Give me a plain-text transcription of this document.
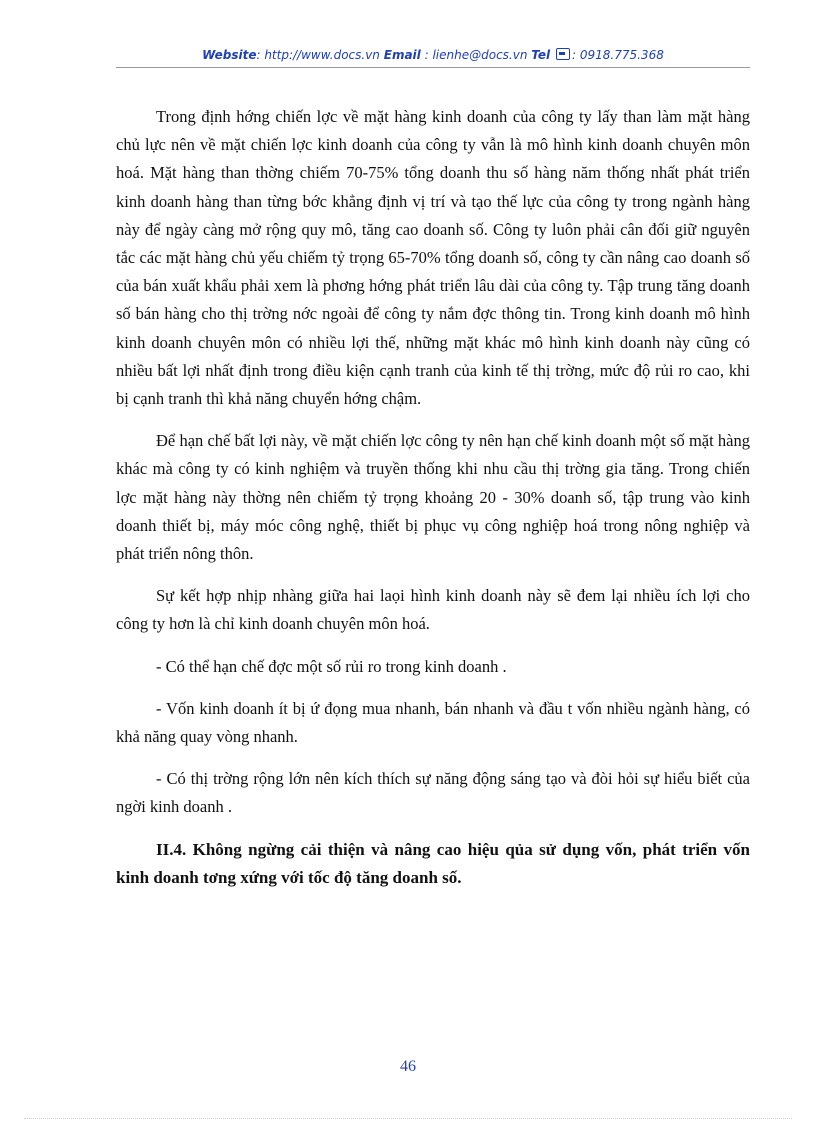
Website: http://www.docs.vn Email : lienhe@docs.vn Tel : 0918.775.368

Trong định hớng chiến lợc về mặt hàng kinh doanh của công ty lấy than làm mặt hàng chủ lực nên về mặt chiến lợc kinh doanh của công ty vẫn là mô hình kinh doanh chuyên môn hoá. Mặt hàng than thờng chiếm 70-75% tổng doanh thu số hàng năm thống nhất phát triển kinh doanh hàng than từng bớc khẳng định vị trí và tạo thế lực của công ty trong ngành hàng này để ngày càng mở rộng quy mô, tăng cao doanh số. Công ty luôn phải cân đối giữ nguyên tắc các mặt hàng chủ yếu chiếm tỷ trọng 65-70% tổng doanh số, công ty cần nâng cao doanh số của bán xuất khẩu phải xem là phơng hớng phát triển lâu dài của công ty. Tập trung tăng doanh số bán hàng cho thị trờng nớc ngoài để công ty nắm đợc thông tin. Trong kinh doanh mô hình kinh doanh chuyên môn có nhiều lợi thế, những mặt khác mô hình kinh doanh này cũng có nhiều bất lợi nhất định trong điều kiện cạnh tranh của kinh tế thị trờng, mức độ rủi ro cao, khi bị cạnh tranh thì khả năng chuyển hớng chậm.

Để hạn chế bất lợi này, về mặt chiến lợc công ty nên hạn chế kinh doanh một số mặt hàng khác mà công ty có kinh nghiệm và truyền thống khi nhu cầu thị trờng gia tăng. Trong chiến lợc mặt hàng này thờng nên chiếm tỷ trọng khoảng 20 - 30% doanh số, tập trung vào kinh doanh thiết bị, máy móc công nghệ, thiết bị phục vụ công nghiệp hoá trong nông nghiệp và phát triển nông thôn.

Sự kết hợp nhịp nhàng giữa hai laọi hình kinh doanh này sẽ đem lại nhiều ích lợi cho công ty hơn là chỉ kinh doanh chuyên môn hoá.

- Có thể hạn chế đợc một số rủi ro trong kinh doanh .

- Vốn kinh doanh ít bị ứ đọng mua nhanh, bán nhanh và đầu t vốn nhiều ngành hàng, có khả năng quay vòng nhanh.

- Có thị trờng rộng lớn nên kích thích sự năng động sáng tạo và đòi hỏi sự hiểu biết của ngời kinh doanh .

II.4. Không ngừng cải thiện và nâng cao hiệu qủa sử dụng vốn, phát triển vốn kinh doanh tơng xứng với tốc độ tăng doanh số.

46
